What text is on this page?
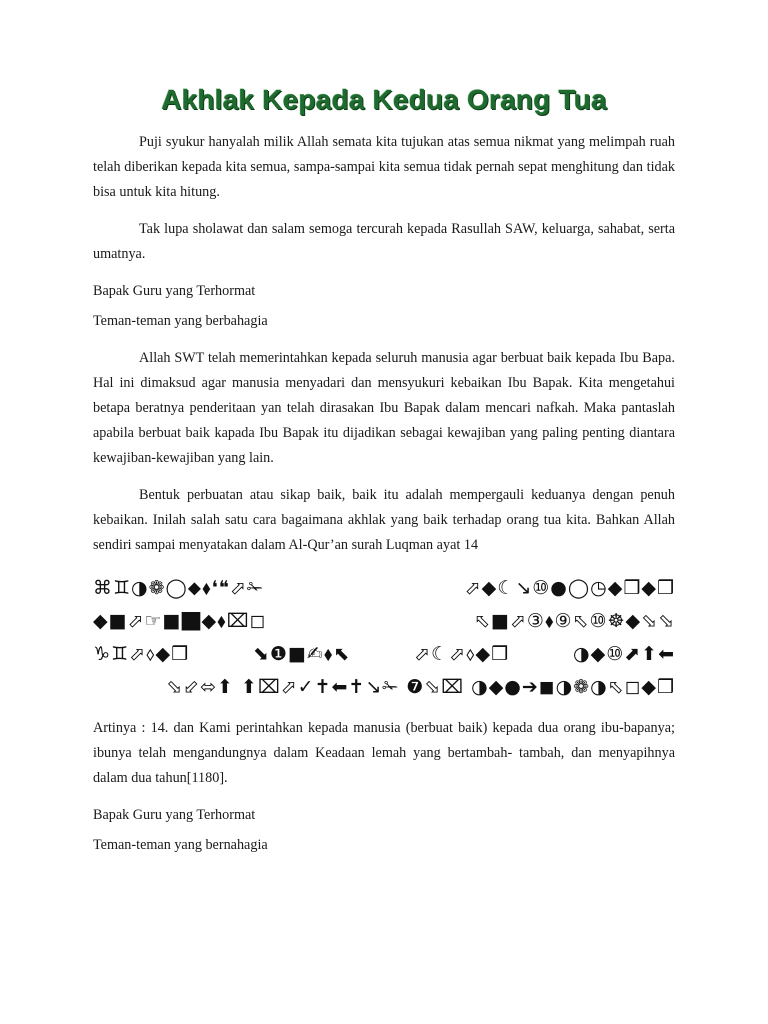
Akhlak Kepada Kedua Orang Tua

Puji syukur hanyalah milik Allah semata kita tujukan atas semua nikmat yang melimpah ruah telah diberikan kepada kita semua, sampa-sampai kita semua tidak pernah sepat menghitung dan tidak bisa untuk kita hitung.

Tak lupa sholawat dan salam semoga tercurah kepada Rasullah SAW, keluarga, sahabat, serta umatnya.

Bapak Guru yang Terhormat

Teman-teman yang berbahagia

Allah SWT telah memerintahkan kepada seluruh manusia agar berbuat baik kepada Ibu Bapa. Hal ini dimaksud agar manusia menyadari dan mensyukuri kebaikan Ibu Bapak. Kita mengetahui betapa beratnya penderitaan yan telah dirasakan Ibu Bapak dalam mencari nafkah. Maka pantaslah apabila berbuat baik kapada Ibu Bapak itu dijadikan sebagai kewajiban yang paling penting diantara kewajiban-kewajiban yang lain.

Bentuk perbuatan atau sikap baik, baik itu adalah mempergauli keduanya dengan penuh kebaikan. Inilah salah satu cara bagaimana akhlak yang baik terhadap orang tua kita. Bahkan Allah sendiri sampai menyatakan dalam Al-Qur’an surah Luqman ayat 14

⌘♊︎◑︎❁︎◯︎⬥︎⬧︎❛︎❝︎⬀︎✁︎	⬀︎◆︎☾︎↘︎⑩︎●︎◯︎◷︎◆︎❒︎◆︎❒︎
◆︎■︎⬀︎☞︎■︎⬛︎◆︎⬧︎⌧︎◻︎	⬁︎■︎⬀︎③︎⬧︎⑨︎⬁︎⑩︎☸︎◆︎⬂︎⬂︎
♑︎♊︎⬀︎⬨︎◆︎❒︎	⬊︎❶︎■︎✍︎⬧︎⬉︎	⬀︎☾︎⬀︎⬨︎◆︎❒︎	◑︎◆︎⑩︎⬈︎⬆︎⬅︎
⬂︎⬃︎⬄︎⬆︎ ⬆︎⌧︎⬀︎✓︎✝︎⬅︎✝︎↘︎✁︎ ❼︎⬂︎⌧︎ ◑︎◆︎●︎➔︎◼︎◑︎❁︎◑︎⬁︎◻︎◆︎❒︎

Artinya : 14. dan Kami perintahkan kepada manusia (berbuat baik) kepada dua orang ibu-bapanya; ibunya telah mengandungnya dalam Keadaan lemah yang bertambah- tambah, dan menyapihnya dalam dua tahun[1180].

Bapak Guru yang Terhormat

Teman-teman yang bernahagia
